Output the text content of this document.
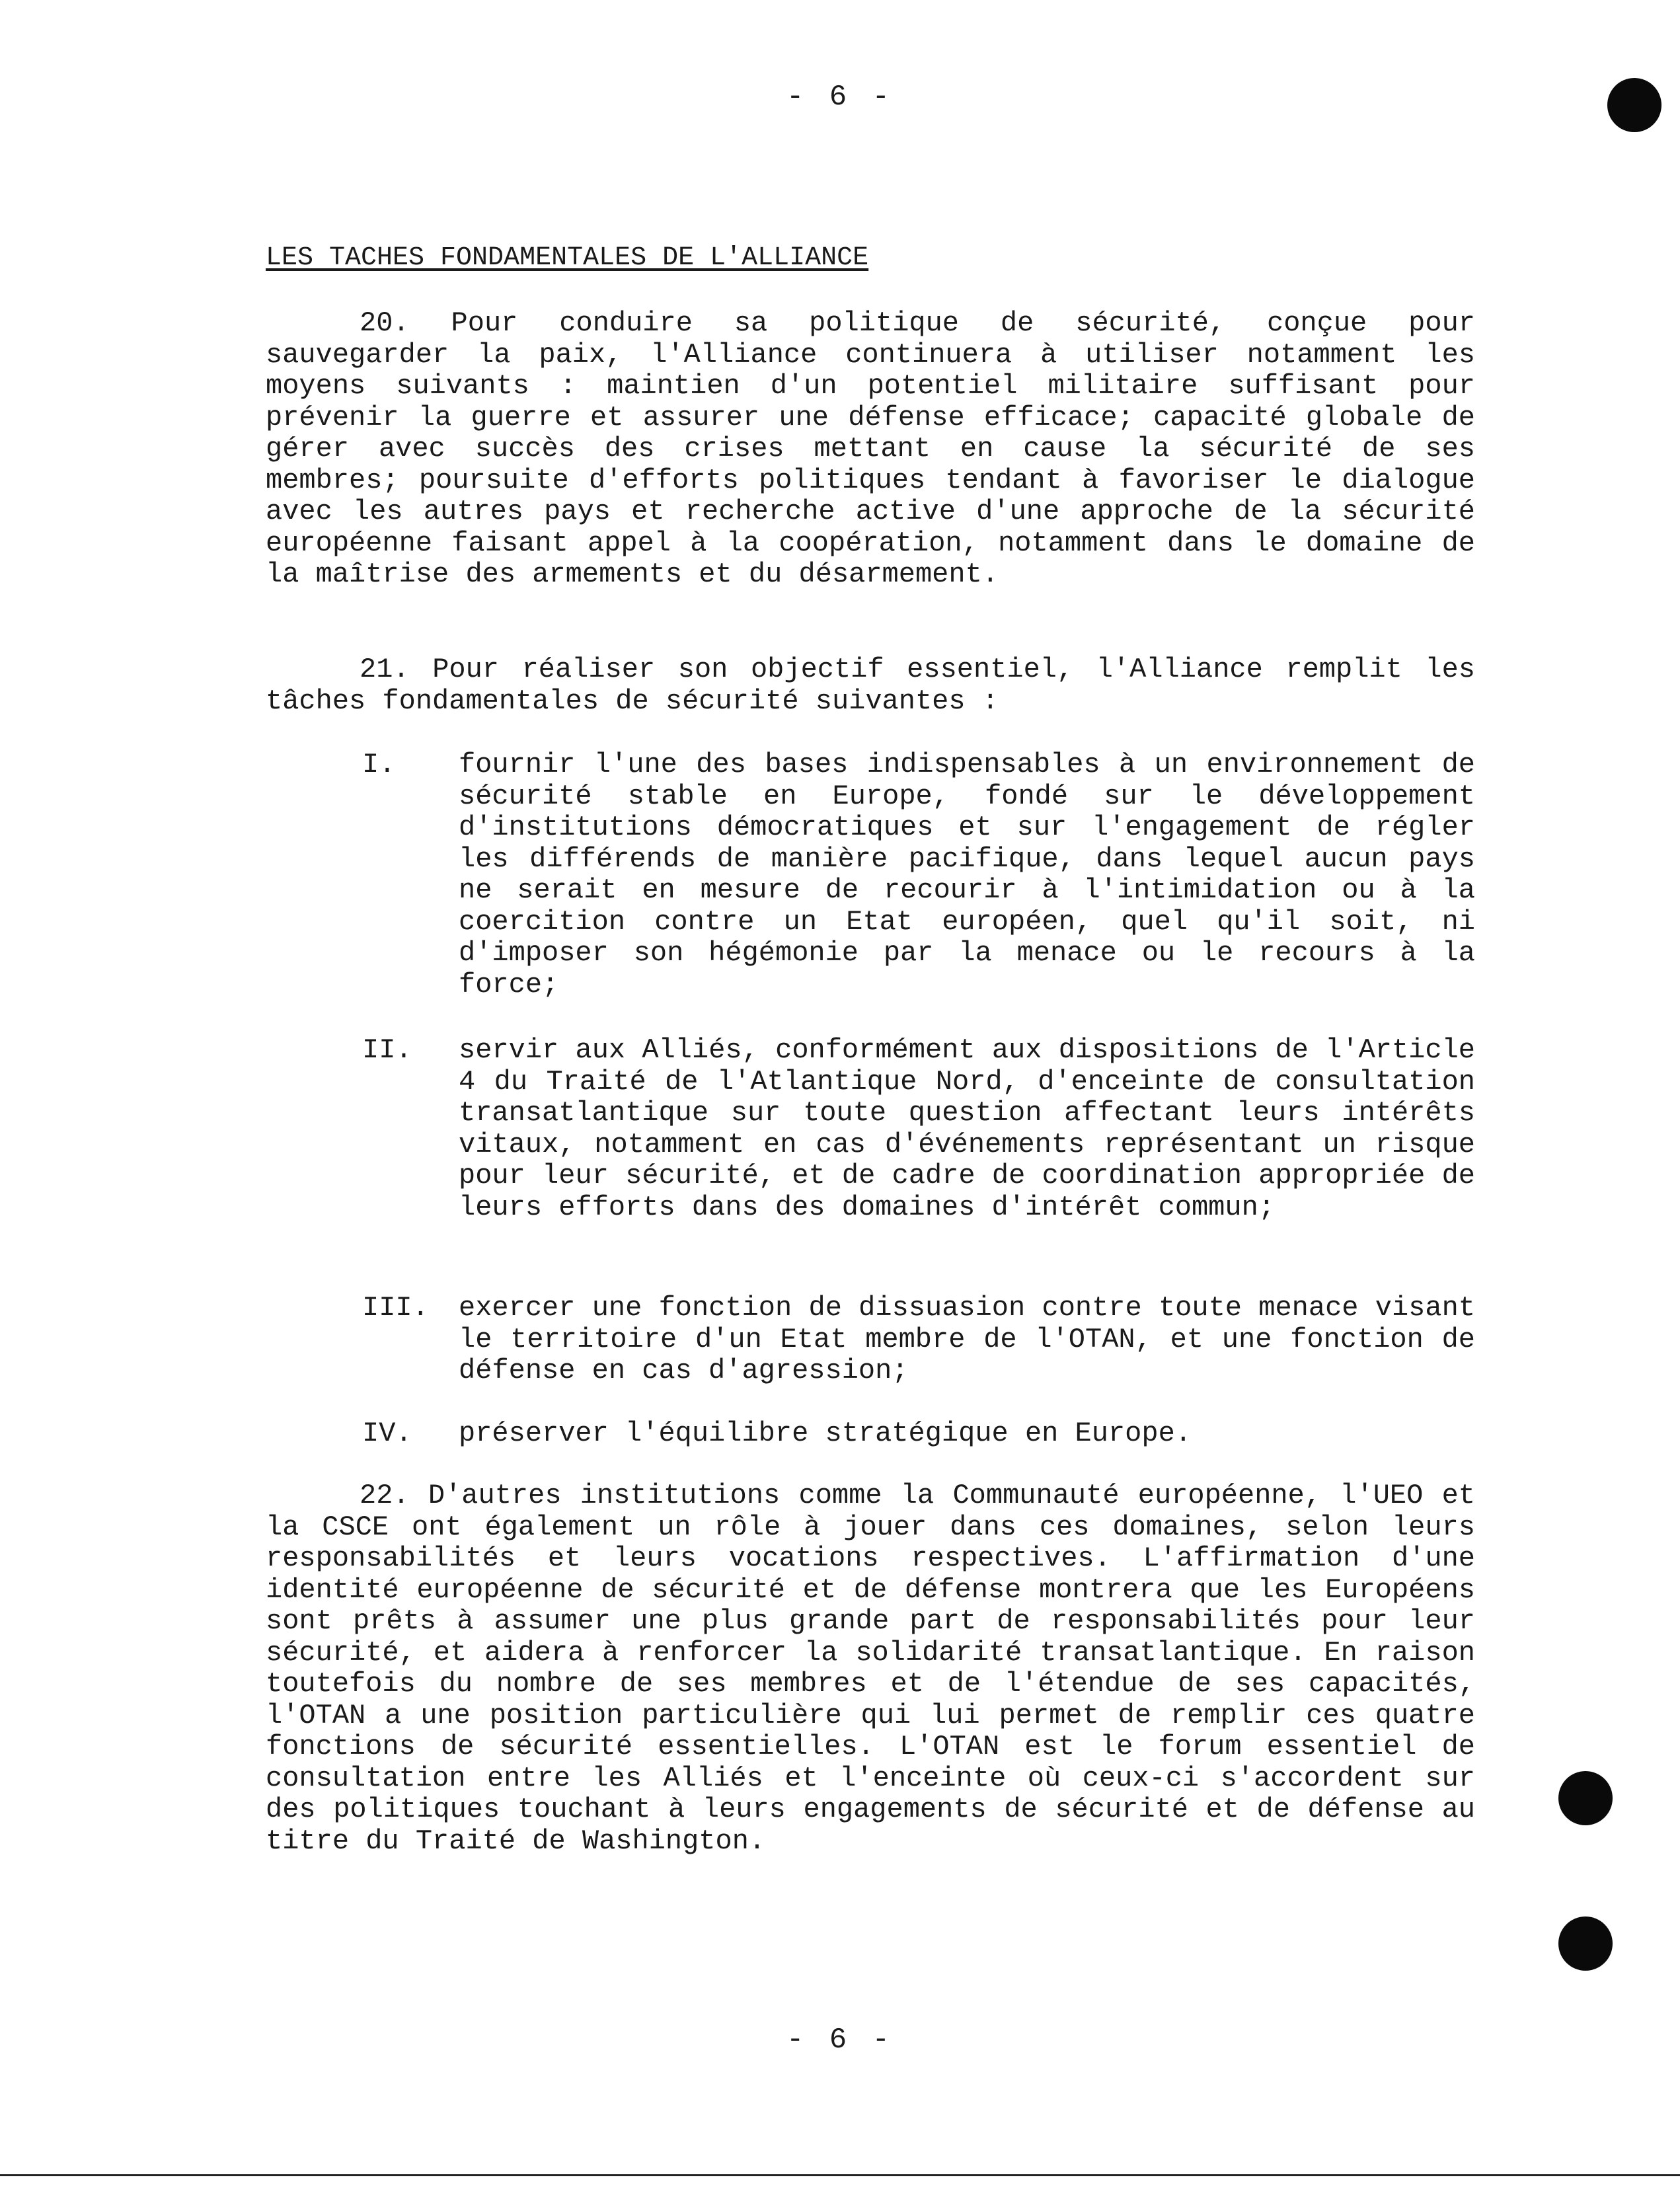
- 6 -
LES TACHES FONDAMENTALES DE L'ALLIANCE
20. Pour conduire sa politique de sécurité, conçue pour sauvegarder la paix, l'Alliance continuera à utiliser notamment les moyens suivants : maintien d'un potentiel militaire suffisant pour prévenir la guerre et assurer une défense efficace; capacité globale de gérer avec succès des crises mettant en cause la sécurité de ses membres; poursuite d'efforts politiques tendant à favoriser le dialogue avec les autres pays et recherche active d'une approche de la sécurité européenne faisant appel à la coopération, notamment dans le domaine de la maîtrise des armements et du désarmement.
21. Pour réaliser son objectif essentiel, l'Alliance remplit les tâches fondamentales de sécurité suivantes :
I.	fournir l'une des bases indispensables à un environnement de sécurité stable en Europe, fondé sur le développement d'institutions démocratiques et sur l'engagement de régler les différends de manière pacifique, dans lequel aucun pays ne serait en mesure de recourir à l'intimidation ou à la coercition contre un Etat européen, quel qu'il soit, ni d'imposer son hégémonie par la menace ou le recours à la force;
II.	servir aux Alliés, conformément aux dispositions de l'Article 4 du Traité de l'Atlantique Nord, d'enceinte de consultation transatlantique sur toute question affectant leurs intérêts vitaux, notamment en cas d'événements représentant un risque pour leur sécurité, et de cadre de coordination appropriée de leurs efforts dans des domaines d'intérêt commun;
III.	exercer une fonction de dissuasion contre toute menace visant le territoire d'un Etat membre de l'OTAN, et une fonction de défense en cas d'agression;
IV.	préserver l'équilibre stratégique en Europe.
22. D'autres institutions comme la Communauté européenne, l'UEO et la CSCE ont également un rôle à jouer dans ces domaines, selon leurs responsabilités et leurs vocations respectives. L'affirmation d'une identité européenne de sécurité et de défense montrera que les Européens sont prêts à assumer une plus grande part de responsabilités pour leur sécurité, et aidera à renforcer la solidarité transatlantique. En raison toutefois du nombre de ses membres et de l'étendue de ses capacités, l'OTAN a une position particulière qui lui permet de remplir ces quatre fonctions de sécurité essentielles. L'OTAN est le forum essentiel de consultation entre les Alliés et l'enceinte où ceux-ci s'accordent sur des politiques touchant à leurs engagements de sécurité et de défense au titre du Traité de Washington.
- 6 -
